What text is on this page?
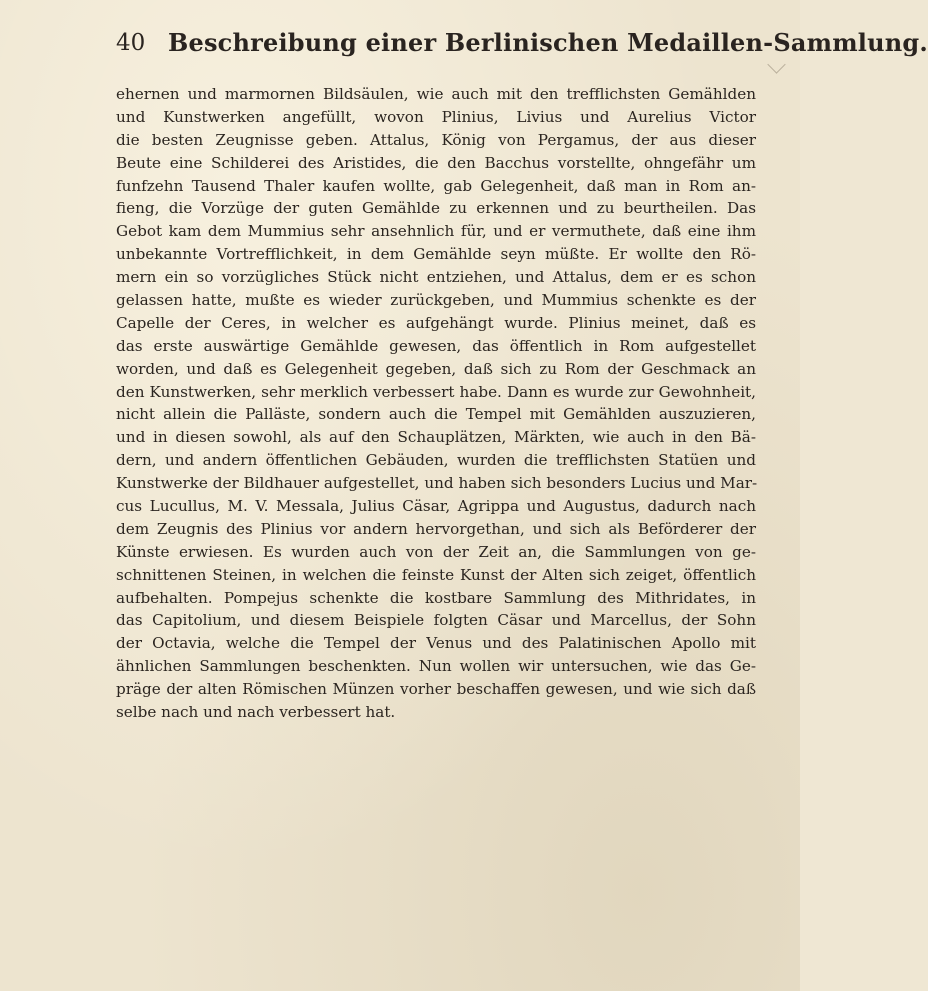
40 Beschreibung einer Berlinischen Medaillen-Sammlung.
ehernen und marmornen Bildsäulen, wie auch mit den trefflichsten Gemählden
und Kunstwerken angefüllt, wovon Plinius, Livius und Aurelius Victor
die besten Zeugnisse geben. Attalus, König von Pergamus, der aus dieser
Beute eine Schilderei des Aristides, die den Bacchus vorstellte, ohngefähr um
funfzehn Tausend Thaler kaufen wollte, gab Gelegenheit, daß man in Rom an-
fieng, die Vorzüge der guten Gemählde zu erkennen und zu beurtheilen. Das
Gebot kam dem Mummius sehr ansehnlich für, und er vermuthete, daß eine ihm
unbekannte Vortrefflichkeit, in dem Gemählde seyn müßte. Er wollte den Rö-
mern ein so vorzügliches Stück nicht entziehen, und Attalus, dem er es schon
gelassen hatte, mußte es wieder zurückgeben, und Mummius schenkte es der
Capelle der Ceres, in welcher es aufgehängt wurde. Plinius meinet, daß es
das erste auswärtige Gemählde gewesen, das öffentlich in Rom aufgestellet
worden, und daß es Gelegenheit gegeben, daß sich zu Rom der Geschmack an
den Kunstwerken, sehr merklich verbessert habe. Dann es wurde zur Gewohnheit,
nicht allein die Palläste, sondern auch die Tempel mit Gemählden auszuzieren,
und in diesen sowohl, als auf den Schauplätzen, Märkten, wie auch in den Bä-
dern, und andern öffentlichen Gebäuden, wurden die trefflichsten Statüen und
Kunstwerke der Bildhauer aufgestellet, und haben sich besonders Lucius und Mar-
cus Lucullus, M. V. Messala, Julius Cäsar, Agrippa und Augustus, dadurch nach
dem Zeugnis des Plinius vor andern hervorgethan, und sich als Beförderer der
Künste erwiesen. Es wurden auch von der Zeit an, die Sammlungen von ge-
schnittenen Steinen, in welchen die feinste Kunst der Alten sich zeiget, öffentlich
aufbehalten. Pompejus schenkte die kostbare Sammlung des Mithridates, in
das Capitolium, und diesem Beispiele folgten Cäsar und Marcellus, der Sohn
der Octavia, welche die Tempel der Venus und des Palatinischen Apollo mit
ähnlichen Sammlungen beschenkten. Nun wollen wir untersuchen, wie das Ge-
präge der alten Römischen Münzen vorher beschaffen gewesen, und wie sich daß
selbe nach und nach verbessert hat.
